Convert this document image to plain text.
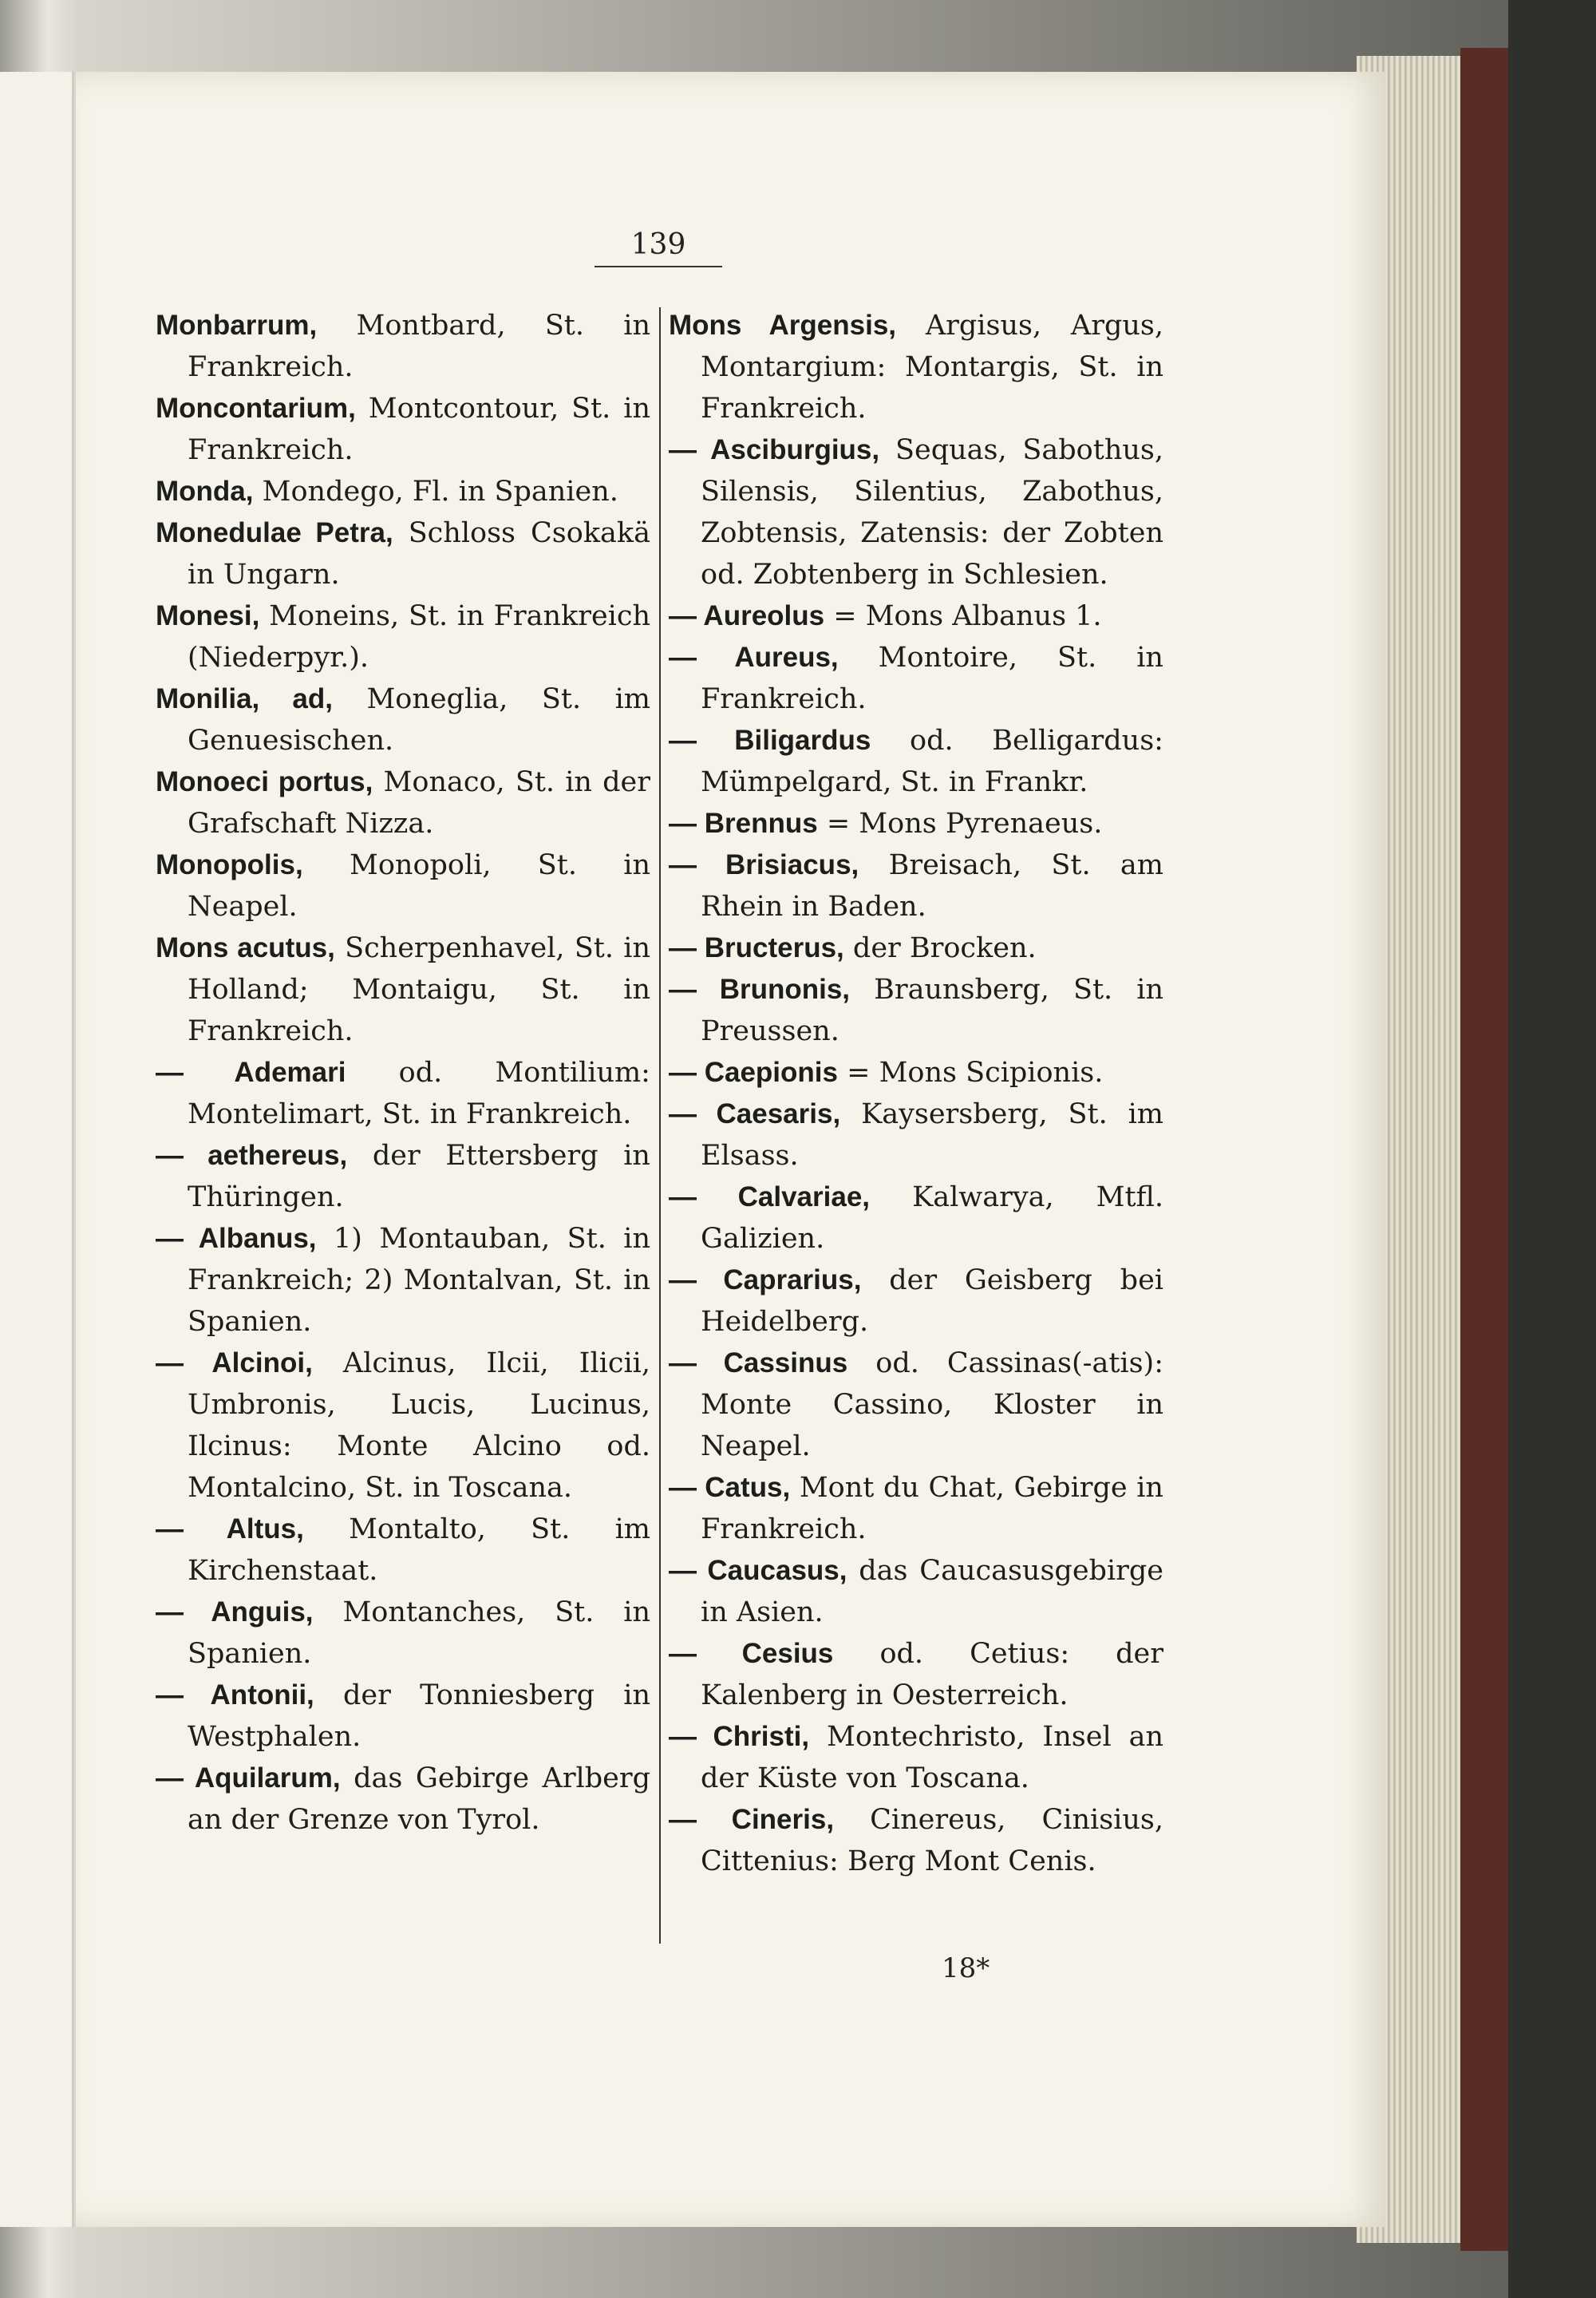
139

Monbarrum, Montbard, St. in Frankreich.

Moncontarium, Montcontour, St. in Frankreich.

Monda, Mondego, Fl. in Spanien.

Monedulae Petra, Schloss Csokakä in Ungarn.

Monesi, Moneins, St. in Frankreich (Niederpyr.).

Monilia, ad, Moneglia, St. im Genuesischen.

Monoeci portus, Monaco, St. in der Grafschaft Nizza.

Monopolis, Monopoli, St. in Neapel.

Mons acutus, Scherpenhavel, St. in Holland; Montaigu, St. in Frankreich.

— Ademari od. Montilium: Montelimart, St. in Frankreich.

— aethereus, der Ettersberg in Thüringen.

— Albanus, 1) Montauban, St. in Frankreich; 2) Montalvan, St. in Spanien.

— Alcinoi, Alcinus, Ilcii, Ilicii, Umbronis, Lucis, Lucinus, Ilcinus: Monte Alcino od. Montalcino, St. in Toscana.

— Altus, Montalto, St. im Kirchenstaat.

— Anguis, Montanches, St. in Spanien.

— Antonii, der Tonniesberg in Westphalen.

— Aquilarum, das Gebirge Arlberg an der Grenze von Tyrol.

Mons Argensis, Argisus, Argus, Montargium: Montargis, St. in Frankreich.

— Asciburgius, Sequas, Sabothus, Silensis, Silentius, Zabothus, Zobtensis, Zatensis: der Zobten od. Zobtenberg in Schlesien.

— Aureolus = Mons Albanus 1.

— Aureus, Montoire, St. in Frankreich.

— Biligardus od. Belligardus: Mümpelgard, St. in Frankr.

— Brennus = Mons Pyrenaeus.

— Brisiacus, Breisach, St. am Rhein in Baden.

— Bructerus, der Brocken.

— Brunonis, Braunsberg, St. in Preussen.

— Caepionis = Mons Scipionis.

— Caesaris, Kaysersberg, St. im Elsass.

— Calvariae, Kalwarya, Mtfl. Galizien.

— Caprarius, der Geisberg bei Heidelberg.

— Cassinus od. Cassinas(-atis): Monte Cassino, Kloster in Neapel.

— Catus, Mont du Chat, Gebirge in Frankreich.

— Caucasus, das Caucasusgebirge in Asien.

— Cesius od. Cetius: der Kalenberg in Oesterreich.

— Christi, Montechristo, Insel an der Küste von Toscana.

— Cineris, Cinereus, Cinisius, Cittenius: Berg Mont Cenis.

18*
